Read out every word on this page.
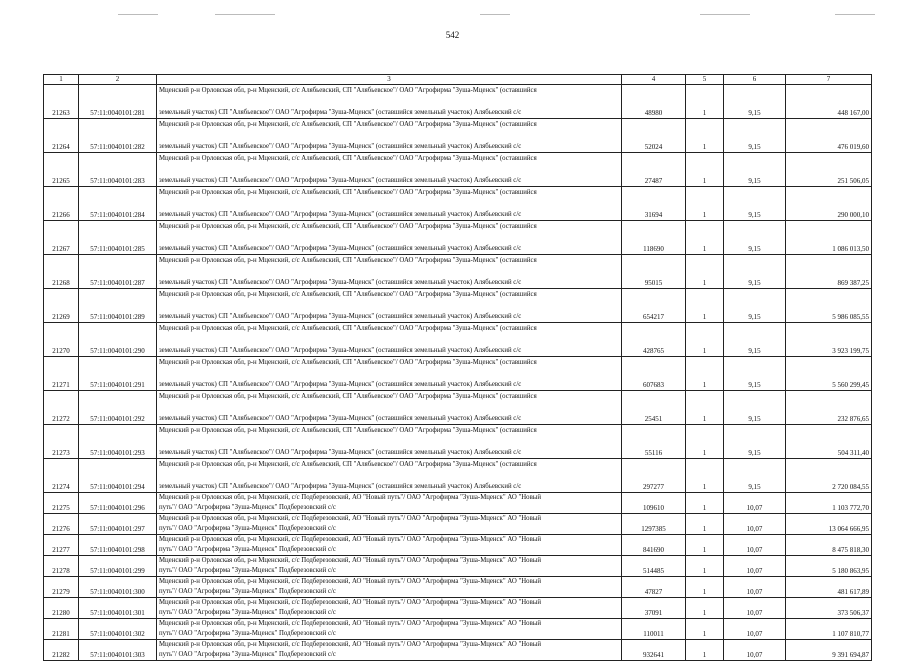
542
1	2	3	4	5	6	7
21263	57:11:0040101:281	Мценский р-н Орловская обл, р-н Мценский, с/с Алябьевский, СП "Алябьевское"/ ОАО "Агрофирма "Зуша-Мценск" (оставшийся
земельный участок) СП "Алябьевское"/ ОАО "Агрофирма "Зуша-Мценск" (оставшийся земельный участок) Алябьевский с/с	48980	1	9,15	448 167,00
21264	57:11:0040101:282	Мценский р-н Орловская обл, р-н Мценский, с/с Алябьевский, СП "Алябьевское"/ ОАО "Агрофирма "Зуша-Мценск" (оставшийся
земельный участок) СП "Алябьевское"/ ОАО "Агрофирма "Зуша-Мценск" (оставшийся земельный участок) Алябьевский с/с	52024	1	9,15	476 019,60
21265	57:11:0040101:283	Мценский р-н Орловская обл, р-н Мценский, с/с Алябьевский, СП "Алябьевское"/ ОАО "Агрофирма "Зуша-Мценск" (оставшийся
земельный участок) СП "Алябьевское"/ ОАО "Агрофирма "Зуша-Мценск" (оставшийся земельный участок) Алябьевский с/с	27487	1	9,15	251 506,05
21266	57:11:0040101:284	Мценский р-н Орловская обл, р-н Мценский, с/с Алябьевский, СП "Алябьевское"/ ОАО "Агрофирма "Зуша-Мценск" (оставшийся
земельный участок) СП "Алябьевское"/ ОАО "Агрофирма "Зуша-Мценск" (оставшийся земельный участок) Алябьевский с/с	31694	1	9,15	290 000,10
21267	57:11:0040101:285	Мценский р-н Орловская обл, р-н Мценский, с/с Алябьевский, СП "Алябьевское"/ ОАО "Агрофирма "Зуша-Мценск" (оставшийся
земельный участок) СП "Алябьевское"/ ОАО "Агрофирма "Зуша-Мценск" (оставшийся земельный участок) Алябьевский с/с	118690	1	9,15	1 086 013,50
21268	57:11:0040101:287	Мценский р-н Орловская обл, р-н Мценский, с/с Алябьевский, СП "Алябьевское"/ ОАО "Агрофирма "Зуша-Мценск" (оставшийся
земельный участок) СП "Алябьевское"/ ОАО "Агрофирма "Зуша-Мценск" (оставшийся земельный участок) Алябьевский с/с	95015	1	9,15	869 387,25
21269	57:11:0040101:289	Мценский р-н Орловская обл, р-н Мценский, с/с Алябьевский, СП "Алябьевское"/ ОАО "Агрофирма "Зуша-Мценск" (оставшийся
земельный участок) СП "Алябьевское"/ ОАО "Агрофирма "Зуша-Мценск" (оставшийся земельный участок) Алябьевский с/с	654217	1	9,15	5 986 085,55
21270	57:11:0040101:290	Мценский р-н Орловская обл, р-н Мценский, с/с Алябьевский, СП "Алябьевское"/ ОАО "Агрофирма "Зуша-Мценск" (оставшийся
земельный участок) СП "Алябьевское"/ ОАО "Агрофирма "Зуша-Мценск" (оставшийся земельный участок) Алябьевский с/с	428765	1	9,15	3 923 199,75
21271	57:11:0040101:291	Мценский р-н Орловская обл, р-н Мценский, с/с Алябьевский, СП "Алябьевское"/ ОАО "Агрофирма "Зуша-Мценск" (оставшийся
земельный участок) СП "Алябьевское"/ ОАО "Агрофирма "Зуша-Мценск" (оставшийся земельный участок) Алябьевский с/с	607683	1	9,15	5 560 299,45
21272	57:11:0040101:292	Мценский р-н Орловская обл, р-н Мценский, с/с Алябьевский, СП "Алябьевское"/ ОАО "Агрофирма "Зуша-Мценск" (оставшийся
земельный участок) СП "Алябьевское"/ ОАО "Агрофирма "Зуша-Мценск" (оставшийся земельный участок) Алябьевский с/с	25451	1	9,15	232 876,65
21273	57:11:0040101:293	Мценский р-н Орловская обл, р-н Мценский, с/с Алябьевский, СП "Алябьевское"/ ОАО "Агрофирма "Зуша-Мценск" (оставшийся
земельный участок) СП "Алябьевское"/ ОАО "Агрофирма "Зуша-Мценск" (оставшийся земельный участок) Алябьевский с/с	55116	1	9,15	504 311,40
21274	57:11:0040101:294	Мценский р-н Орловская обл, р-н Мценский, с/с Алябьевский, СП "Алябьевское"/ ОАО "Агрофирма "Зуша-Мценск" (оставшийся
земельный участок) СП "Алябьевское"/ ОАО "Агрофирма "Зуша-Мценск" (оставшийся земельный участок) Алябьевский с/с	297277	1	9,15	2 720 084,55
21275	57:11:0040101:296	Мценский р-н Орловская обл, р-н Мценский, с/с Подберезовский, АО "Новый путь"/ ОАО "Агрофирма "Зуша-Мценск" АО "Новый
путь"/ ОАО "Агрофирма "Зуша-Мценск" Подберезовский с/с	109610	1	10,07	1 103 772,70
21276	57:11:0040101:297	Мценский р-н Орловская обл, р-н Мценский, с/с Подберезовский, АО "Новый путь"/ ОАО "Агрофирма "Зуша-Мценск" АО "Новый
путь"/ ОАО "Агрофирма "Зуша-Мценск" Подберезовский с/с	1297385	1	10,07	13 064 666,95
21277	57:11:0040101:298	Мценский р-н Орловская обл, р-н Мценский, с/с Подберезовский, АО "Новый путь"/ ОАО "Агрофирма "Зуша-Мценск" АО "Новый
путь"/ ОАО "Агрофирма "Зуша-Мценск" Подберезовский с/с	841690	1	10,07	8 475 818,30
21278	57:11:0040101:299	Мценский р-н Орловская обл, р-н Мценский, с/с Подберезовский, АО "Новый путь"/ ОАО "Агрофирма "Зуша-Мценск" АО "Новый
путь"/ ОАО "Агрофирма "Зуша-Мценск" Подберезовский с/с	514485	1	10,07	5 180 863,95
21279	57:11:0040101:300	Мценский р-н Орловская обл, р-н Мценский, с/с Подберезовский, АО "Новый путь"/ ОАО "Агрофирма "Зуша-Мценск" АО "Новый
путь"/ ОАО "Агрофирма "Зуша-Мценск" Подберезовский с/с	47827	1	10,07	481 617,89
21280	57:11:0040101:301	Мценский р-н Орловская обл, р-н Мценский, с/с Подберезовский, АО "Новый путь"/ ОАО "Агрофирма "Зуша-Мценск" АО "Новый
путь"/ ОАО "Агрофирма "Зуша-Мценск" Подберезовский с/с	37091	1	10,07	373 506,37
21281	57:11:0040101:302	Мценский р-н Орловская обл, р-н Мценский, с/с Подберезовский, АО "Новый путь"/ ОАО "Агрофирма "Зуша-Мценск" АО "Новый
путь"/ ОАО "Агрофирма "Зуша-Мценск" Подберезовский с/с	110011	1	10,07	1 107 810,77
21282	57:11:0040101:303	Мценский р-н Орловская обл, р-н Мценский, с/с Подберезовский, АО "Новый путь"/ ОАО "Агрофирма "Зуша-Мценск" АО "Новый
путь"/ ОАО "Агрофирма "Зуша-Мценск" Подберезовский с/с	932641	1	10,07	9 391 694,87
